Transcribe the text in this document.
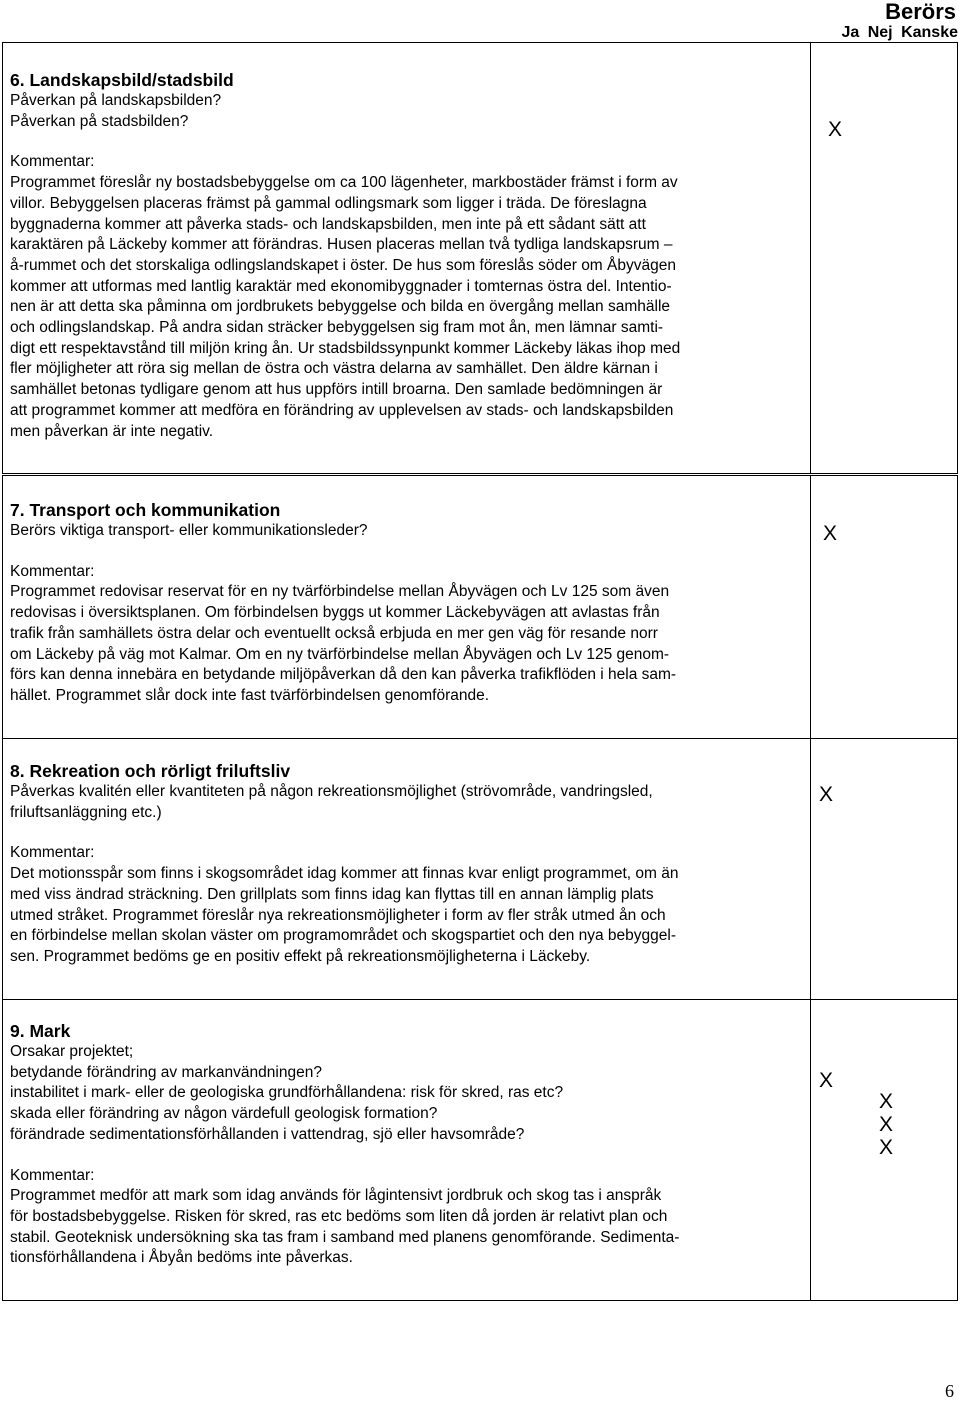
Berörs
Ja Nej Kanske
6. Landskapsbild/stadsbild
Påverkan på landskapsbilden?
Påverkan på stadsbilden?
Kommentar:
Programmet föreslår ny bostadsbebyggelse om ca 100 lägenheter, markbostäder främst i form av
villor. Bebyggelsen placeras främst på gammal odlingsmark som ligger i träda. De föreslagna
byggnaderna kommer att påverka stads- och landskapsbilden, men inte på ett sådant sätt att
karaktären på Läckeby kommer att förändras. Husen placeras mellan två tydliga landskapsrum –
å-rummet och det storskaliga odlingslandskapet i öster. De hus som föreslås söder om Åbyvägen
kommer att utformas med lantlig karaktär med ekonomibyggnader i tomternas östra del. Intentio-
nen är att detta ska påminna om jordbrukets bebyggelse och bilda en övergång mellan samhälle
och odlingslandskap. På andra sidan sträcker bebyggelsen sig fram mot ån, men lämnar samti-
digt ett respektavstånd till miljön kring ån. Ur stadsbildssynpunkt kommer Läckeby läkas ihop med
fler möjligheter att röra sig mellan de östra och västra delarna av samhället. Den äldre kärnan i
samhället betonas tydligare genom att hus uppförs intill broarna. Den samlade bedömningen är
att programmet kommer att medföra en förändring av upplevelsen av stads- och landskapsbilden
men påverkan är inte negativ.
X
7. Transport och kommunikation
Berörs viktiga transport- eller kommunikationsleder?
Kommentar:
Programmet redovisar reservat för en ny tvärförbindelse mellan Åbyvägen och Lv 125 som även
redovisas i översiktsplanen. Om förbindelsen byggs ut kommer Läckebyvägen att avlastas från
trafik från samhällets östra delar och eventuellt också erbjuda en mer gen väg för resande norr
om Läckeby på väg mot Kalmar. Om en ny tvärförbindelse mellan Åbyvägen och Lv 125 genom-
förs kan denna innebära en betydande miljöpåverkan då den kan påverka trafikflöden i hela sam-
hället. Programmet slår dock inte fast tvärförbindelsen genomförande.
X
8. Rekreation och rörligt friluftsliv
Påverkas kvalitén eller kvantiteten på någon rekreationsmöjlighet (strövområde, vandringsled,
friluftsanläggning etc.)
Kommentar:
Det motionsspår som finns i skogsområdet idag kommer att finnas kvar enligt programmet, om än
med viss ändrad sträckning. Den grillplats som finns idag kan flyttas till en annan lämplig plats
utmed stråket. Programmet föreslår nya rekreationsmöjligheter i form av fler stråk utmed ån och
en förbindelse mellan skolan väster om programområdet och skogspartiet och den nya bebyggel-
sen. Programmet bedöms ge en positiv effekt på rekreationsmöjligheterna i Läckeby.
X
9. Mark
Orsakar projektet;
betydande förändring av markanvändningen?
instabilitet i mark- eller de geologiska grundförhållandena: risk för skred, ras etc?
skada eller förändring av någon värdefull geologisk formation?
förändrade sedimentationsförhållanden i vattendrag, sjö eller havsområde?
Kommentar:
Programmet medför att mark som idag används för lågintensivt jordbruk och skog tas i anspråk
för bostadsbebyggelse. Risken för skred, ras etc bedöms som liten då jorden är relativt plan och
stabil. Geoteknisk undersökning ska tas fram i samband med planens genomförande. Sedimenta-
tionsförhållandena i Åbyån bedöms inte påverkas.
X
X
X
X
6
